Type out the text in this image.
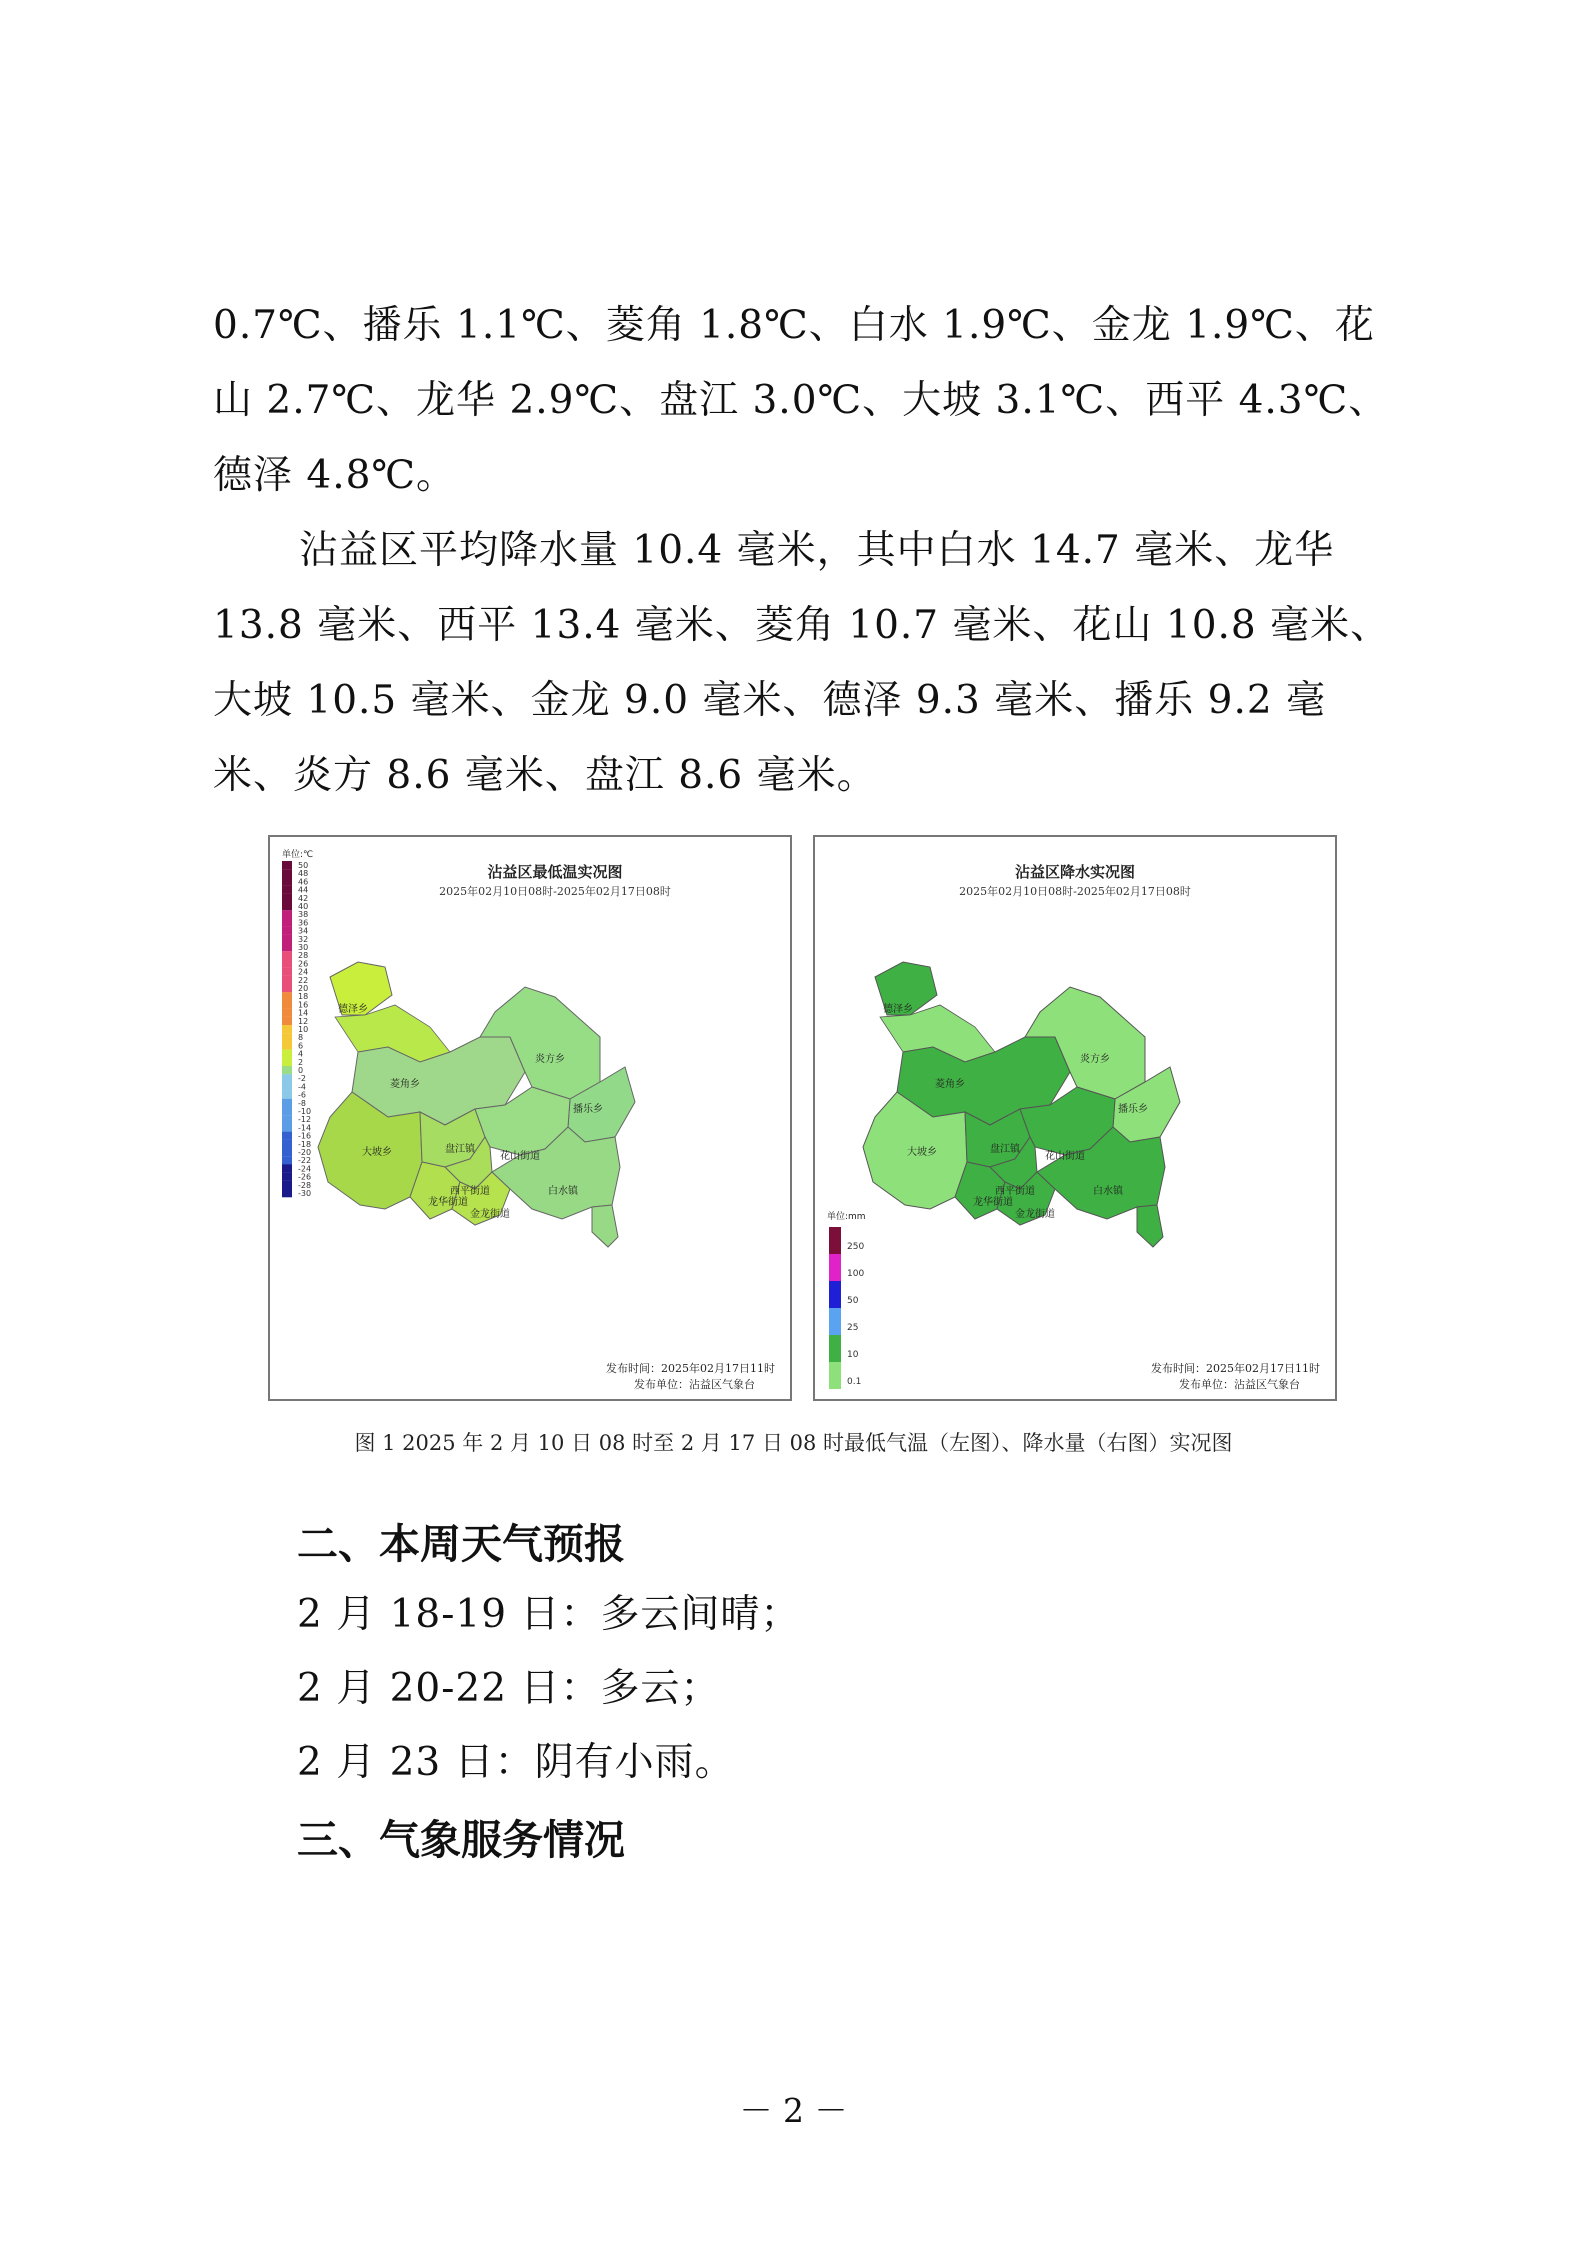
0.7℃、播乐 1.1℃、菱角 1.8℃、白水 1.9℃、金龙 1.9℃、花山 2.7℃、龙华 2.9℃、盘江 3.0℃、大坡 3.1℃、西平 4.3℃、德泽 4.8℃。
沾益区平均降水量 10.4 毫米，其中白水 14.7 毫米、龙华 13.8 毫米、西平 13.4 毫米、菱角 10.7 毫米、花山 10.8 毫米、大坡 10.5 毫米、金龙 9.0 毫米、德泽 9.3 毫米、播乐 9.2 毫米、炎方 8.6 毫米、盘江 8.6 毫米。
沾益区最低温实况图
2025年02月10日08时-2025年02月17日08时
单位:℃
50
48
46
44
42
40
38
36
34
32
30
28
26
24
22
20
18
16
14
12
10
8
6
4
2
0
-2
-4
-6
-8
-10
-12
-14
-16
-18
-20
-22
-24
-26
-28
-30
德泽乡
菱角乡
炎方乡
播乐乡
盘江镇
花山街道
大坡乡
西平街道
龙华街道
白水镇
金龙街道
发布时间：2025年02月17日11时
发布单位：沾益区气象台
沾益区降水实况图
2025年02月10日08时-2025年02月17日08时
德泽乡
菱角乡
炎方乡
播乐乡
盘江镇
花山街道
大坡乡
西平街道
龙华街道
白水镇
金龙街道
单位:mm
250
100
50
25
10
0.1
发布时间：2025年02月17日11时
发布单位：沾益区气象台
图 1 2025 年 2 月 10 日 08 时至 2 月 17 日 08 时最低气温（左图）、降水量（右图）实况图
二、本周天气预报
2 月 18-19 日：多云间晴；
2 月 20-22 日：多云；
2 月 23 日：阴有小雨。
三、气象服务情况
－ 2 －
